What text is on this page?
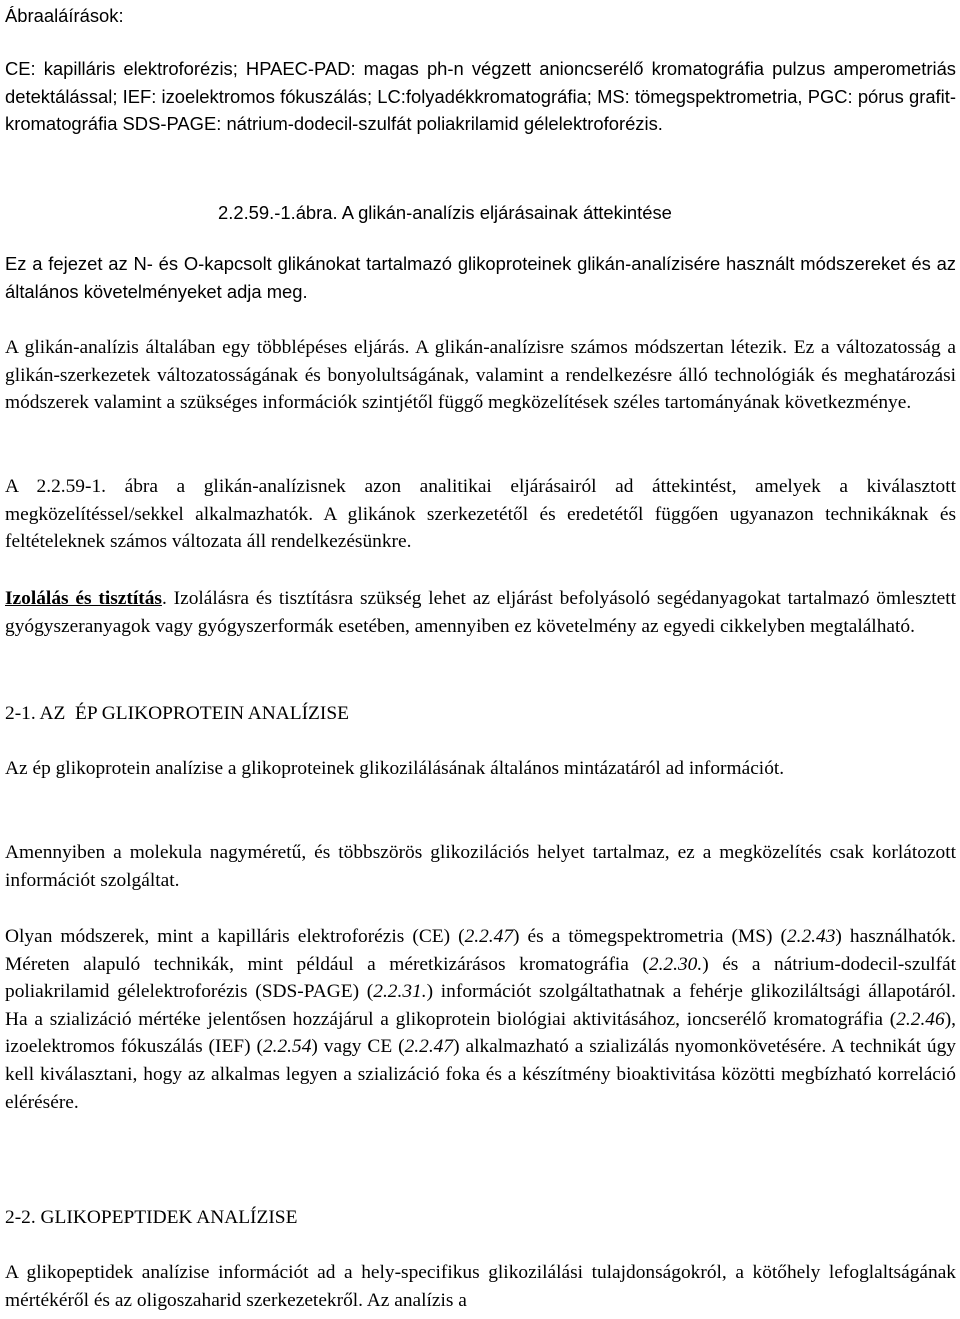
Ábraaláírások:

CE: kapilláris elektroforézis; HPAEC-PAD: magas ph-n végzett anioncserélő kromatográfia pulzus amperometriás detektálással; IEF: izoelektromos fókuszálás; LC:folyadékkromatográfia; MS: tömegspektrometria, PGC: pórus grafit-kromatográfia SDS-PAGE: nátrium-dodecil-szulfát poliakrilamid gélelektroforézis.

2.2.59.-1.ábra. A glikán-analízis eljárásainak áttekintése

Ez a fejezet az N- és O-kapcsolt glikánokat tartalmazó glikoproteinek glikán-analízisére használt módszereket és az általános követelményeket adja meg.

A glikán-analízis általában egy többlépéses eljárás. A glikán-analízisre számos módszertan létezik. Ez a változatosság a glikán-szerkezetek változatosságának és bonyolultságának, valamint a rendelkezésre álló technológiák és meghatározási módszerek valamint a szükséges információk szintjétől függő megközelítések széles tartományának következménye.

A 2.2.59-1. ábra a glikán-analízisnek azon analitikai eljárásairól ad áttekintést, amelyek a kiválasztott megközelítéssel/sekkel alkalmazhatók. A glikánok szerkezetétől és eredetétől függően ugyanazon technikáknak és feltételeknek számos változata áll rendelkezésünkre.

Izolálás és tisztítás. Izolálásra és tisztításra szükség lehet az eljárást befolyásoló segédanyagokat tartalmazó ömlesztett gyógyszeranyagok vagy gyógyszerformák esetében, amennyiben ez követelmény az egyedi cikkelyben megtalálható.

2-1. AZ  ÉP GLIKOPROTEIN ANALÍZISE

Az ép glikoprotein analízise a glikoproteinek glikozilálásának általános mintázatáról ad információt.

Amennyiben a molekula nagyméretű, és többszörös glikozilációs helyet tartalmaz, ez a megközelítés csak korlátozott információt szolgáltat.

Olyan módszerek, mint a kapilláris elektroforézis (CE) (2.2.47) és a tömegspektrometria (MS) (2.2.43) használhatók. Méreten alapuló technikák, mint például a méretkizárásos kromatográfia (2.2.30.) és a nátrium-dodecil-szulfát poliakrilamid gélelektroforézis (SDS-PAGE) (2.2.31.) információt szolgáltathatnak a fehérje glikoziláltsági állapotáról. Ha a szializáció mértéke jelentősen hozzájárul a glikoprotein biológiai aktivitásához, ioncserélő kromatográfia (2.2.46), izoelektromos fókuszálás (IEF) (2.2.54) vagy CE (2.2.47) alkalmazható a szializálás nyomonkövetésére. A technikát úgy kell kiválasztani, hogy az alkalmas legyen a szializáció foka és a készítmény bioaktivitása közötti megbízható korreláció elérésére.

2-2. GLIKOPEPTIDEK ANALÍZISE

A glikopeptidek analízise információt ad a hely-specifikus glikozilálási tulajdonságokról, a kötőhely lefoglaltságának mértékéről és az oligoszaharid szerkezetekről. Az analízis a
